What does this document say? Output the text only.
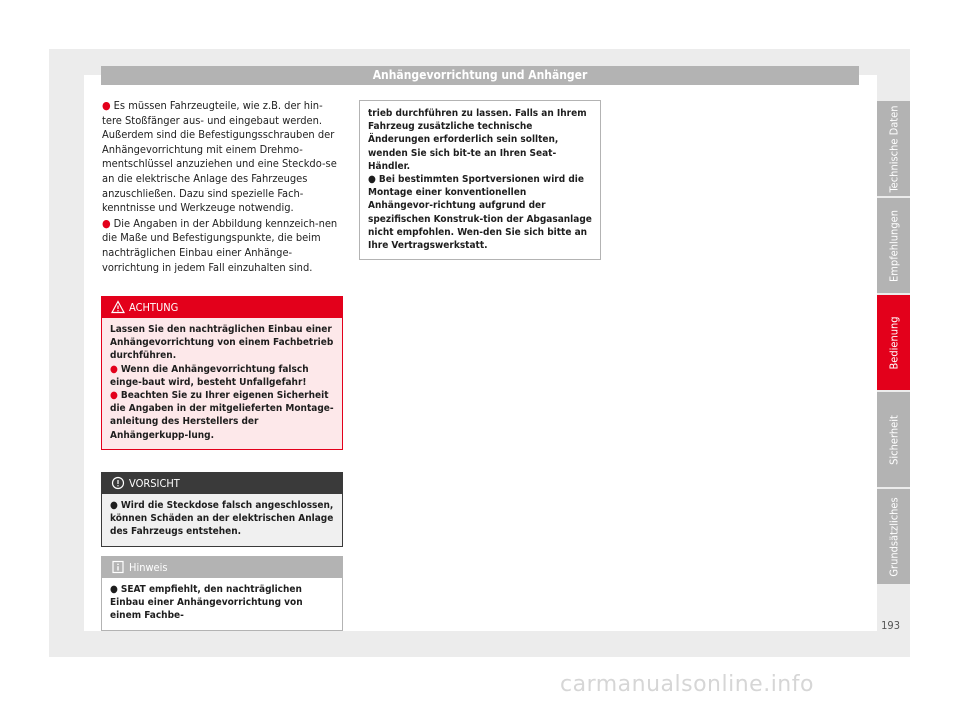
Anhängevorrichtung und Anhänger

● Es müssen Fahrzeugteile, wie z.B. der hin-tere Stoßfänger aus- und eingebaut werden. Außerdem sind die Befestigungsschrauben der Anhängevorrichtung mit einem Drehmo-mentschlüssel anzuziehen und eine Steckdo-se an die elektrische Anlage des Fahrzeuges anzuschließen. Dazu sind spezielle Fach-kenntnisse und Werkzeuge notwendig.

● Die Angaben in der Abbildung kennzeich-nen die Maße und Befestigungspunkte, die beim nachträglichen Einbau einer Anhänge-vorrichtung in jedem Fall einzuhalten sind.

ACHTUNG

Lassen Sie den nachträglichen Einbau einer Anhängevorrichtung von einem Fachbetrieb durchführen.

● Wenn die Anhängevorrichtung falsch einge-baut wird, besteht Unfallgefahr!

● Beachten Sie zu Ihrer eigenen Sicherheit die Angaben in der mitgelieferten Montage-anleitung des Herstellers der Anhängerkupp-lung.

VORSICHT

● Wird die Steckdose falsch angeschlossen, können Schäden an der elektrischen Anlage des Fahrzeugs entstehen.

Hinweis

● SEAT empfiehlt, den nachträglichen Einbau einer Anhängevorrichtung von einem Fachbe-

trieb durchführen zu lassen. Falls an Ihrem Fahrzeug zusätzliche technische Änderungen erforderlich sein sollten, wenden Sie sich bit-te an Ihren Seat-Händler.

● Bei bestimmten Sportversionen wird die Montage einer konventionellen Anhängevor-richtung aufgrund der spezifischen Konstruk-tion der Abgasanlage nicht empfohlen. Wen-den Sie sich bitte an Ihre Vertragswerkstatt.

Technische Daten
Empfehlungen
Bedienung
Sicherheit
Grundsätzliches
193
carmanualsonline.info
